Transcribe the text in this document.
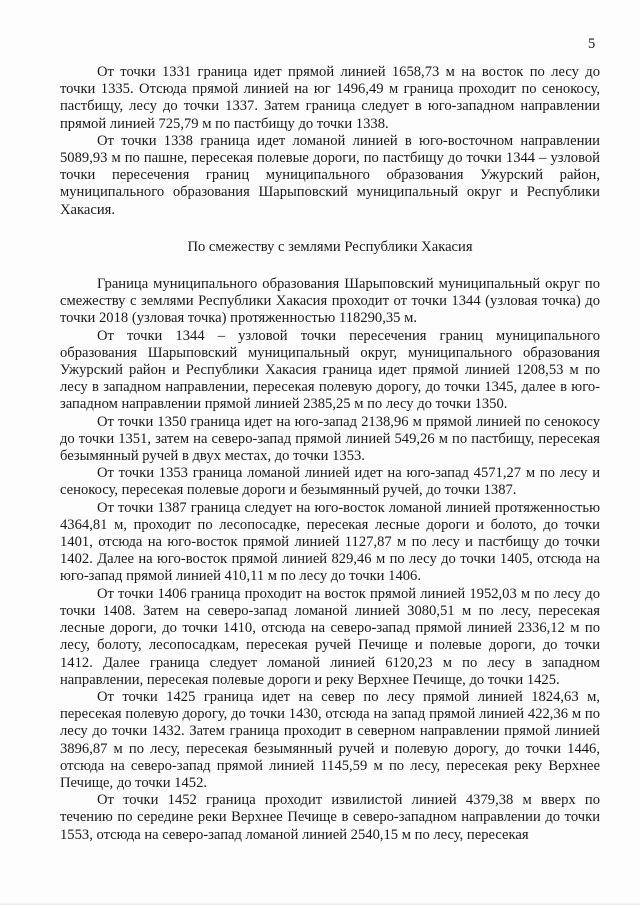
5

От точки 1331 граница идет прямой линией 1658,73 м на восток по лесу до точки 1335. Отсюда прямой линией на юг 1496,49 м граница проходит по сенокосу, пастбищу, лесу до точки 1337. Затем граница следует в юго-западном направлении прямой линией 725,79 м по пастбищу до точки 1338.

От точки 1338 граница идет ломаной линией в юго-восточном направлении 5089,93 м по пашне, пересекая полевые дороги, по пастбищу до точки 1344 – узловой точки пересечения границ муниципального образования Ужурский район, муниципального образования Шарыповский муниципальный округ и Республики Хакасия.

По смежеству с землями Республики Хакасия

Граница муниципального образования Шарыповский муниципальный округ по смежеству с землями Республики Хакасия проходит от точки 1344 (узловая точка) до точки 2018 (узловая точка) протяженностью 118290,35 м.

От точки 1344 – узловой точки пересечения границ муниципального образования Шарыповский муниципальный округ, муниципального образования Ужурский район и Республики Хакасия граница идет прямой линией 1208,53 м по лесу в западном направлении, пересекая полевую дорогу, до точки 1345, далее в юго-западном направлении прямой линией 2385,25 м по лесу до точки 1350.

От точки 1350 граница идет на юго-запад 2138,96 м прямой линией по сенокосу до точки 1351, затем на северо-запад прямой линией 549,26 м по пастбищу, пересекая безымянный ручей в двух местах, до точки 1353.

От точки 1353 граница ломаной линией идет на юго-запад 4571,27 м по лесу и сенокосу, пересекая полевые дороги и безымянный ручей, до точки 1387.

От точки 1387 граница следует на юго-восток ломаной линией протяженностью 4364,81 м, проходит по лесопосадке, пересекая лесные дороги и болото, до точки 1401, отсюда на юго-восток прямой линией 1127,87 м по лесу и пастбищу до точки 1402. Далее на юго-восток прямой линией 829,46 м по лесу до точки 1405, отсюда на юго-запад прямой линией 410,11 м по лесу до точки 1406.

От точки 1406 граница проходит на восток прямой линией 1952,03 м по лесу до точки 1408. Затем на северо-запад ломаной линией 3080,51 м по лесу, пересекая лесные дороги, до точки 1410, отсюда на северо-запад прямой линией 2336,12 м по лесу, болоту, лесопосадкам, пересекая ручей Печище и полевые дороги, до точки 1412. Далее граница следует ломаной линией 6120,23 м по лесу в западном направлении, пересекая полевые дороги и реку Верхнее Печище, до точки 1425.

От точки 1425 граница идет на север по лесу прямой линией 1824,63 м, пересекая полевую дорогу, до точки 1430, отсюда на запад прямой линией 422,36 м по лесу до точки 1432. Затем граница проходит в северном направлении прямой линией 3896,87 м по лесу, пересекая безымянный ручей и полевую дорогу, до точки 1446, отсюда на северо-запад прямой линией 1145,59 м по лесу, пересекая реку Верхнее Печище, до точки 1452.

От точки 1452 граница проходит извилистой линией 4379,38 м вверх по течению по середине реки Верхнее Печище в северо-западном направлении до точки 1553, отсюда на северо-запад ломаной линией 2540,15 м по лесу, пересекая
